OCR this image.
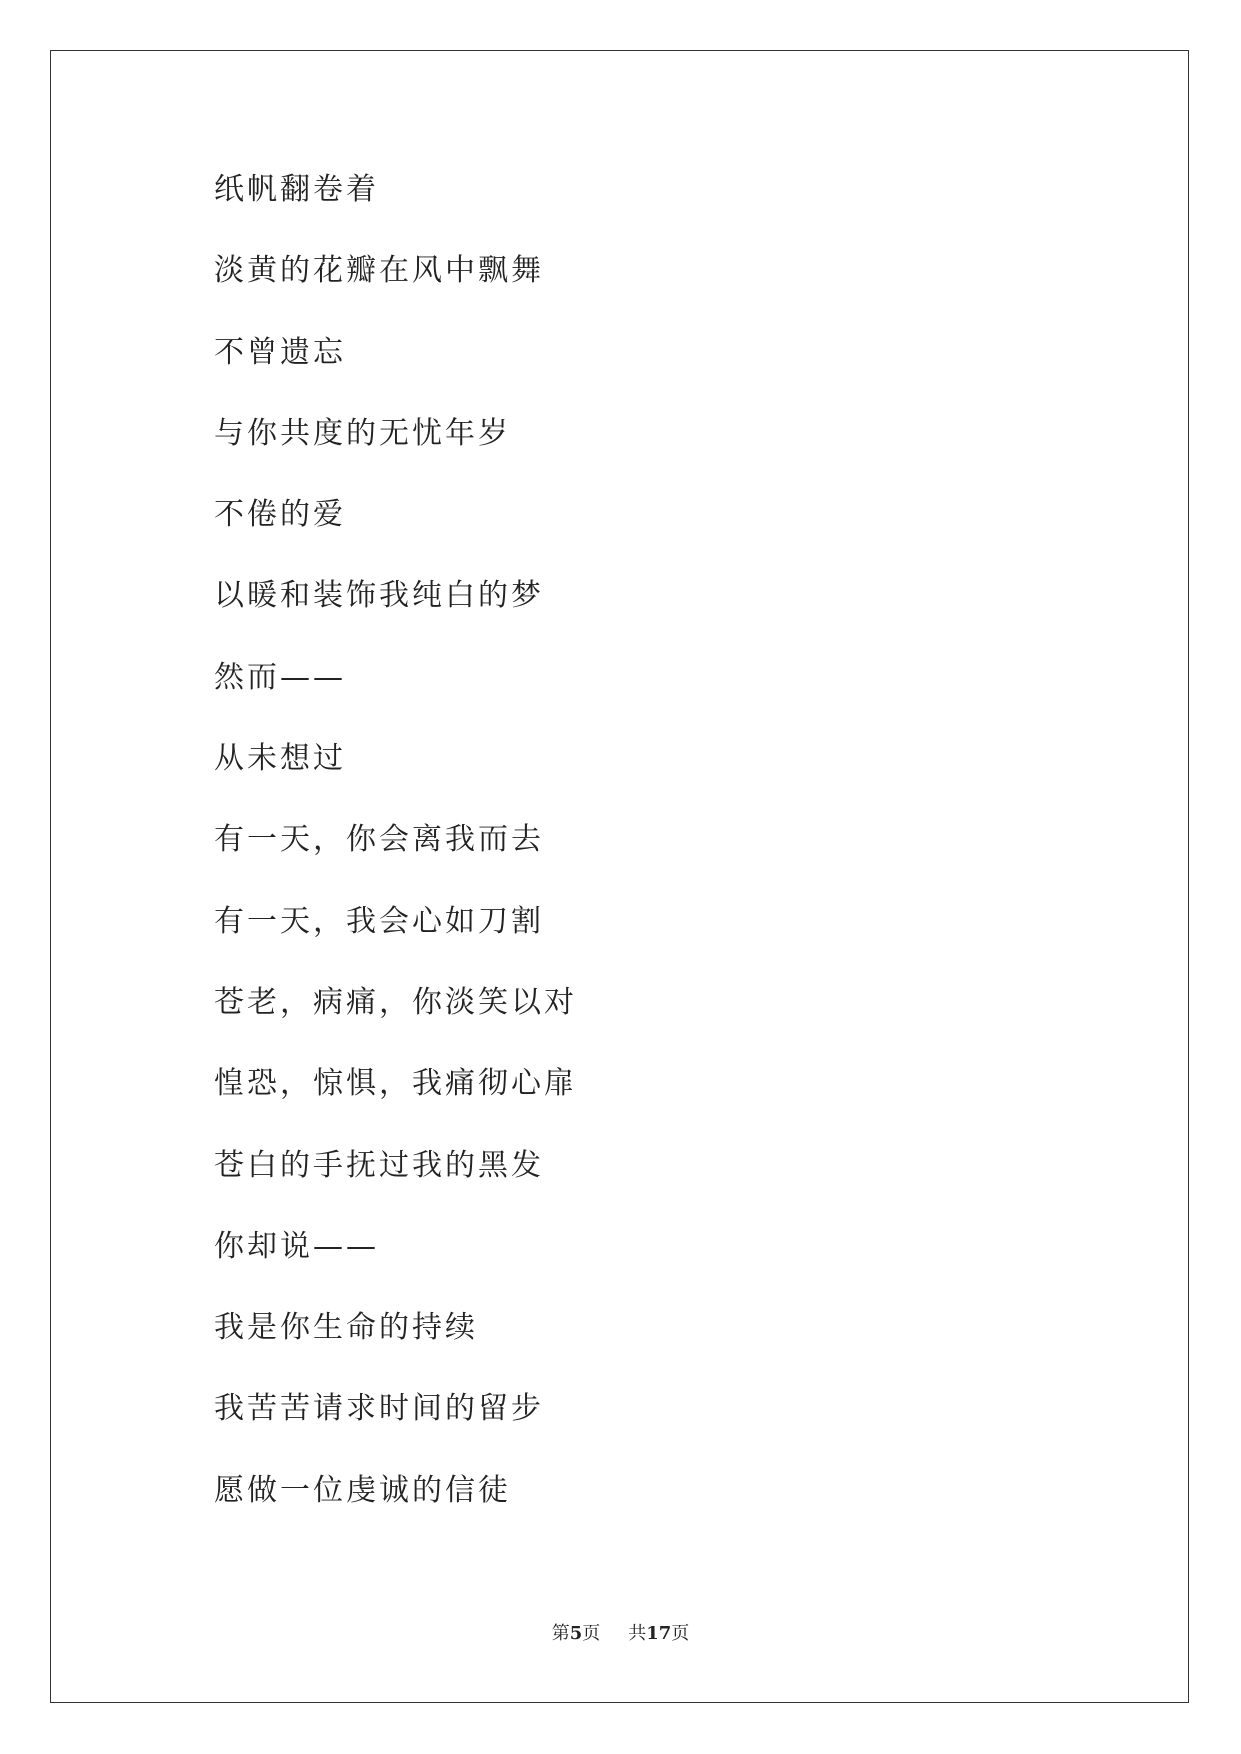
纸帆翻卷着
淡黄的花瓣在风中飘舞
不曾遗忘
与你共度的无忧年岁
不倦的爱
以暖和装饰我纯白的梦
然而——
从未想过
有一天，你会离我而去
有一天，我会心如刀割
苍老，病痛，你淡笑以对
惶恐，惊惧，我痛彻心扉
苍白的手抚过我的黑发
你却说——
我是你生命的持续
我苦苦请求时间的留步
愿做一位虔诚的信徒
第5页 共17页
